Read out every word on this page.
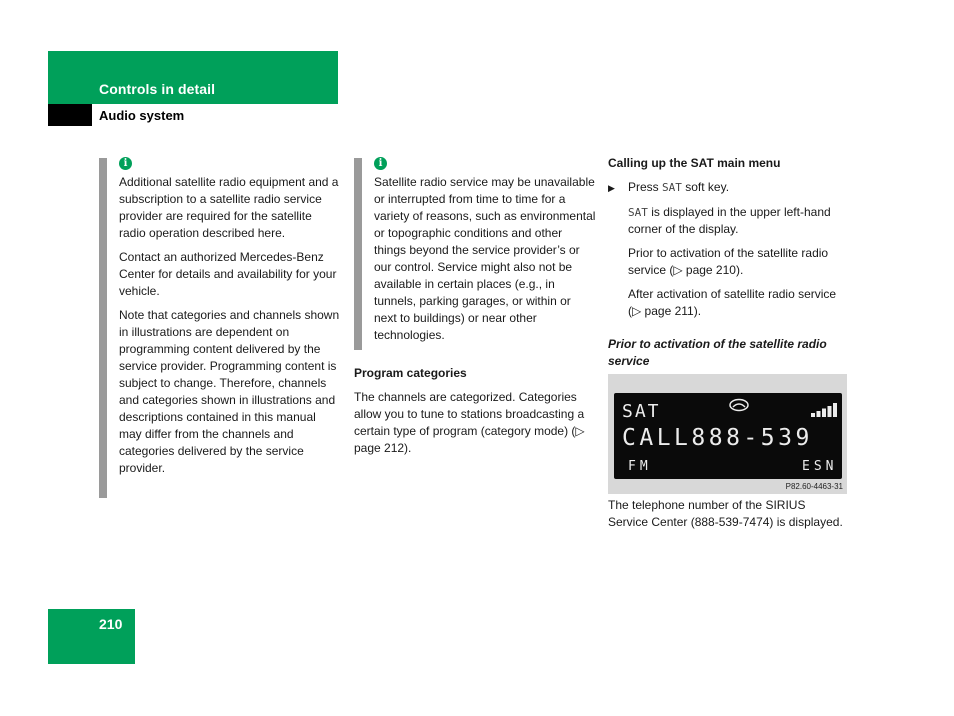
Controls in detail
Audio system
i

Additional satellite radio equipment and a subscription to a satellite radio service provider are required for the satellite radio operation described here.

Contact an authorized Mercedes-Benz Center for details and availability for your vehicle.

Note that categories and channels shown in illustrations are dependent on programming content delivered by the service provider. Programming content is subject to change. Therefore, channels and categories shown in illustrations and descriptions contained in this manual may differ from the channels and categories delivered by the service provider.

i

Satellite radio service may be unavailable or interrupted from time to time for a variety of reasons, such as environmental or topographic conditions and other things beyond the service provider’s or our control. Service might also not be available in certain places (e.g., in tunnels, parking garages, or within or next to buildings) or near other technologies.

Program categories

The channels are categorized. Categories allow you to tune to stations broadcasting a certain type of program (category mode) (▷ page 212).

Calling up the SAT main menu

▶	Press SAT soft key.

SAT is displayed in the upper left-hand corner of the display.

Prior to activation of the satellite radio service (▷ page 210).

After activation of satellite radio service (▷ page 211).

Prior to activation of the satellite radio service

SAT
CALL888-539
FM	ESN
P82.60-4463-31

The telephone number of the SIRIUS Service Center (888-539-7474) is displayed.

210
